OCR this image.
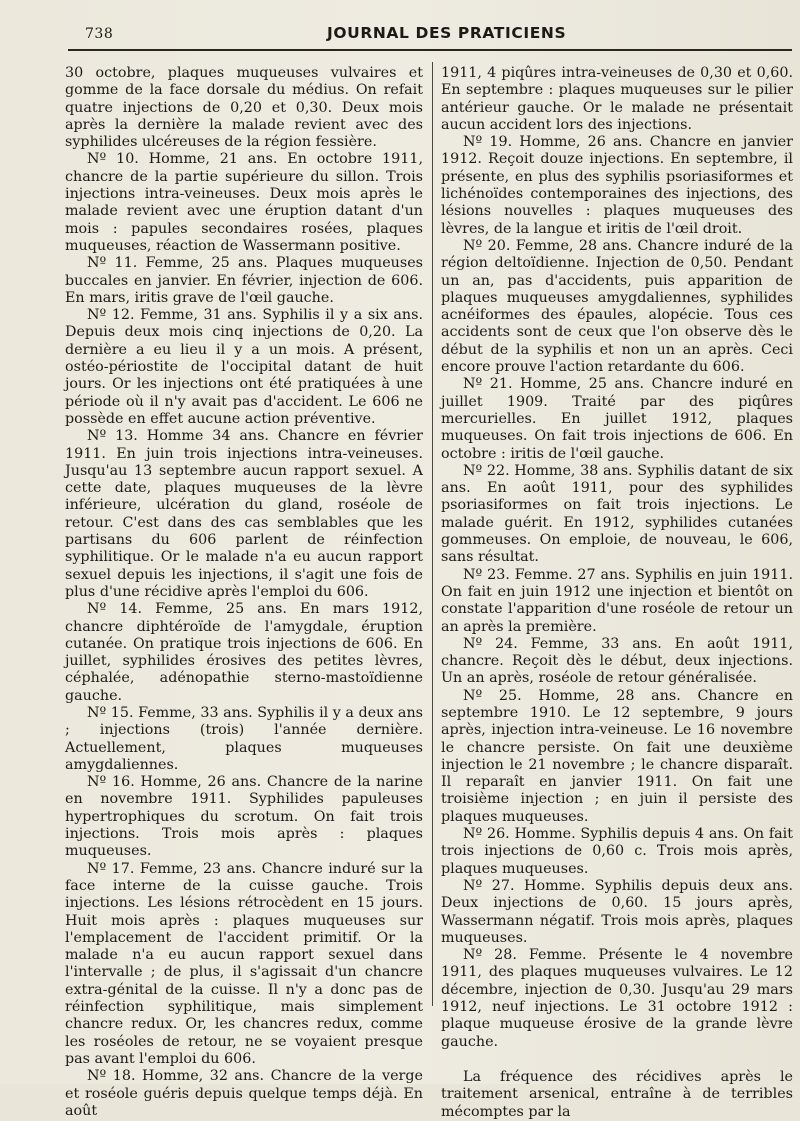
738	JOURNAL DES PRATICIENS

30 octobre, plaques muqueuses vulvaires et gomme de la face dorsale du médius. On refait quatre injections de 0,20 et 0,30. Deux mois après la dernière la malade revient avec des syphilides ulcéreuses de la région fessière.

Nº 10. Homme, 21 ans. En octobre 1911, chancre de la partie supérieure du sillon. Trois injections intra-veineuses. Deux mois après le malade revient avec une éruption datant d'un mois : papules secondaires rosées, plaques muqueuses, réaction de Wassermann positive.

Nº 11. Femme, 25 ans. Plaques muqueuses buccales en janvier. En février, injection de 606. En mars, iritis grave de l'œil gauche.

Nº 12. Femme, 31 ans. Syphilis il y a six ans. Depuis deux mois cinq injections de 0,20. La dernière a eu lieu il y a un mois. A présent, ostéo-périostite de l'occipital datant de huit jours. Or les injections ont été pratiquées à une période où il n'y avait pas d'accident. Le 606 ne possède en effet aucune action préventive.

Nº 13. Homme 34 ans. Chancre en février 1911. En juin trois injections intra-veineuses. Jusqu'au 13 septembre aucun rapport sexuel. A cette date, plaques muqueuses de la lèvre inférieure, ulcération du gland, roséole de retour. C'est dans des cas semblables que les partisans du 606 parlent de réinfection syphilitique. Or le malade n'a eu aucun rapport sexuel depuis les injections, il s'agit une fois de plus d'une récidive après l'emploi du 606.

Nº 14. Femme, 25 ans. En mars 1912, chancre diphtéroïde de l'amygdale, éruption cutanée. On pratique trois injections de 606. En juillet, syphilides érosives des petites lèvres, céphalée, adénopathie sterno-mastoïdienne gauche.

Nº 15. Femme, 33 ans. Syphilis il y a deux ans ; injections (trois) l'année dernière. Actuellement, plaques muqueuses amygdaliennes.

Nº 16. Homme, 26 ans. Chancre de la narine en novembre 1911. Syphilides papuleuses hypertrophiques du scrotum. On fait trois injections. Trois mois après : plaques muqueuses.

Nº 17. Femme, 23 ans. Chancre induré sur la face interne de la cuisse gauche. Trois injections. Les lésions rétrocèdent en 15 jours. Huit mois après : plaques muqueuses sur l'emplacement de l'accident primitif. Or la malade n'a eu aucun rapport sexuel dans l'intervalle ; de plus, il s'agissait d'un chancre extra-génital de la cuisse. Il n'y a donc pas de réinfection syphilitique, mais simplement chancre redux. Or, les chancres redux, comme les roséoles de retour, ne se voyaient presque pas avant l'emploi du 606.

Nº 18. Homme, 32 ans. Chancre de la verge et roséole guéris depuis quelque temps déjà. En août

1911, 4 piqûres intra-veineuses de 0,30 et 0,60. En septembre : plaques muqueuses sur le pilier antérieur gauche. Or le malade ne présentait aucun accident lors des injections.

Nº 19. Homme, 26 ans. Chancre en janvier 1912. Reçoit douze injections. En septembre, il présente, en plus des syphilis psoriasiformes et lichénoïdes contemporaines des injections, des lésions nouvelles : plaques muqueuses des lèvres, de la langue et iritis de l'œil droit.

Nº 20. Femme, 28 ans. Chancre induré de la région deltoïdienne. Injection de 0,50. Pendant un an, pas d'accidents, puis apparition de plaques muqueuses amygdaliennes, syphilides acnéiformes des épaules, alopécie. Tous ces accidents sont de ceux que l'on observe dès le début de la syphilis et non un an après. Ceci encore prouve l'action retardante du 606.

Nº 21. Homme, 25 ans. Chancre induré en juillet 1909. Traité par des piqûres mercurielles. En juillet 1912, plaques muqueuses. On fait trois injections de 606. En octobre : iritis de l'œil gauche.

Nº 22. Homme, 38 ans. Syphilis datant de six ans. En août 1911, pour des syphilides psoriasiformes on fait trois injections. Le malade guérit. En 1912, syphilides cutanées gommeuses. On emploie, de nouveau, le 606, sans résultat.

Nº 23. Femme. 27 ans. Syphilis en juin 1911. On fait en juin 1912 une injection et bientôt on constate l'apparition d'une roséole de retour un an après la première.

Nº 24. Femme, 33 ans. En août 1911, chancre. Reçoit dès le début, deux injections. Un an après, roséole de retour généralisée.

Nº 25. Homme, 28 ans. Chancre en septembre 1910. Le 12 septembre, 9 jours après, injection intra-veineuse. Le 16 novembre le chancre persiste. On fait une deuxième injection le 21 novembre ; le chancre disparaît. Il reparaît en janvier 1911. On fait une troisième injection ; en juin il persiste des plaques muqueuses.

Nº 26. Homme. Syphilis depuis 4 ans. On fait trois injections de 0,60 c. Trois mois après, plaques muqueuses.

Nº 27. Homme. Syphilis depuis deux ans. Deux injections de 0,60. 15 jours après, Wassermann négatif. Trois mois après, plaques muqueuses.

Nº 28. Femme. Présente le 4 novembre 1911, des plaques muqueuses vulvaires. Le 12 décembre, injection de 0,30. Jusqu'au 29 mars 1912, neuf injections. Le 31 octobre 1912 : plaque muqueuse érosive de la grande lèvre gauche.

La fréquence des récidives après le traitement arsenical, entraîne à de terribles mécomptes par la
